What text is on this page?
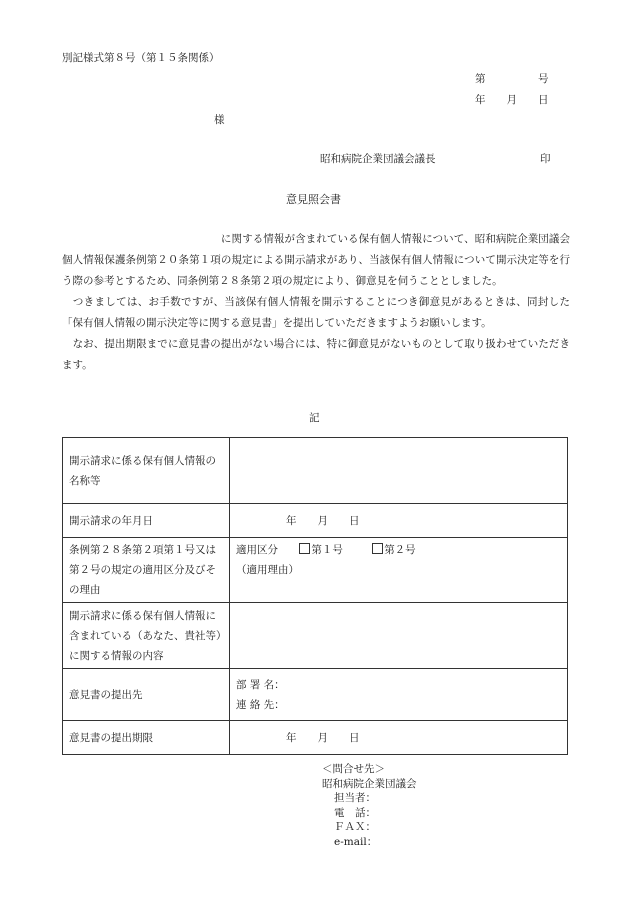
別記様式第８号（第１５条関係）
第　　　　　号
年　　月　　日
様
昭和病院企業団議会議長	印
意見照会書

　　　　　　　　　　　　　　　に関する情報が含まれている保有個人情報について、昭和病院企業団議会個人情報保護条例第２０条第１項の規定による開示請求があり、当該保有個人情報について開示決定等を行う際の参考とするため、同条例第２８条第２項の規定により、御意見を伺うこととしました。

　つきましては、お手数ですが、当該保有個人情報を開示することにつき御意見があるときは、同封した「保有個人情報の開示決定等に関する意見書」を提出していただきますようお願いします。

　なお、提出期限までに意見書の提出がない場合には、特に御意見がないものとして取り扱わせていただきます。

記
開示請求に係る保有個人情報の名称等	
開示請求の年月日	年　　月　　日
条例第２８条第２項第１号又は第２号の規定の適用区分及びその理由	適用区分 第１号 第２号
（適用理由）

開示請求に係る保有個人情報に含まれている（あなた、貴社等）に関する情報の内容	
意見書の提出先	部 署 名：
連 絡 先：

意見書の提出期限	年　　月　　日
＜問合せ先＞
昭和病院企業団議会
担当者：
電　話：
ＦＡＸ：
e-mail：
